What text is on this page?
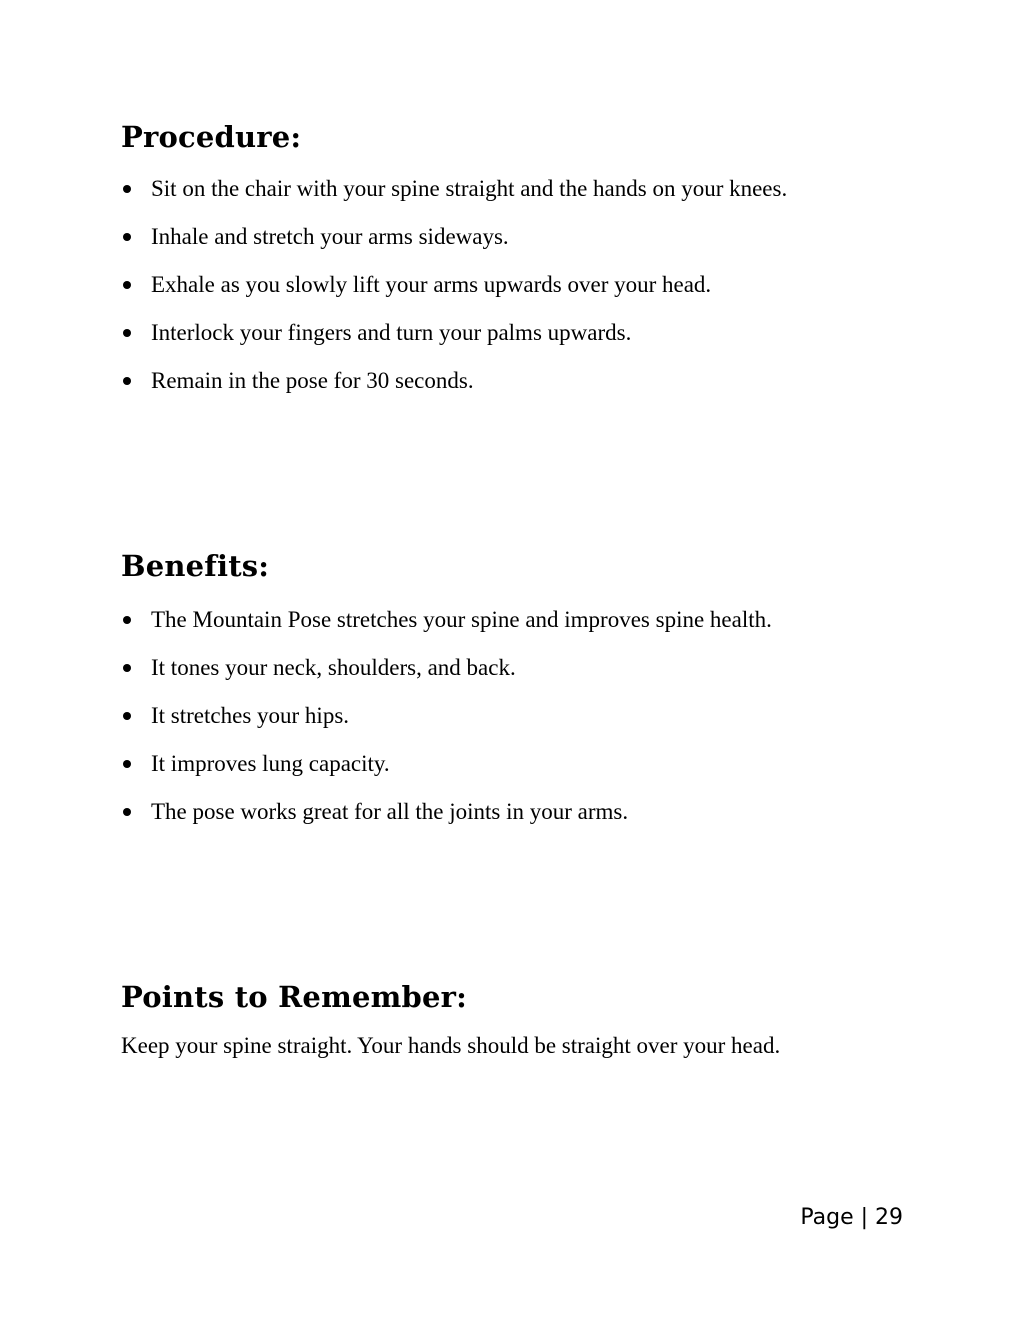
Procedure:
Sit on the chair with your spine straight and the hands on your knees.
Inhale and stretch your arms sideways.
Exhale as you slowly lift your arms upwards over your head.
Interlock your fingers and turn your palms upwards.
Remain in the pose for 30 seconds.
Benefits:
The Mountain Pose stretches your spine and improves spine health.
It tones your neck, shoulders, and back.
It stretches your hips.
It improves lung capacity.
The pose works great for all the joints in your arms.
Points to Remember:

Keep your spine straight. Your hands should be straight over your head.

Page | 29
